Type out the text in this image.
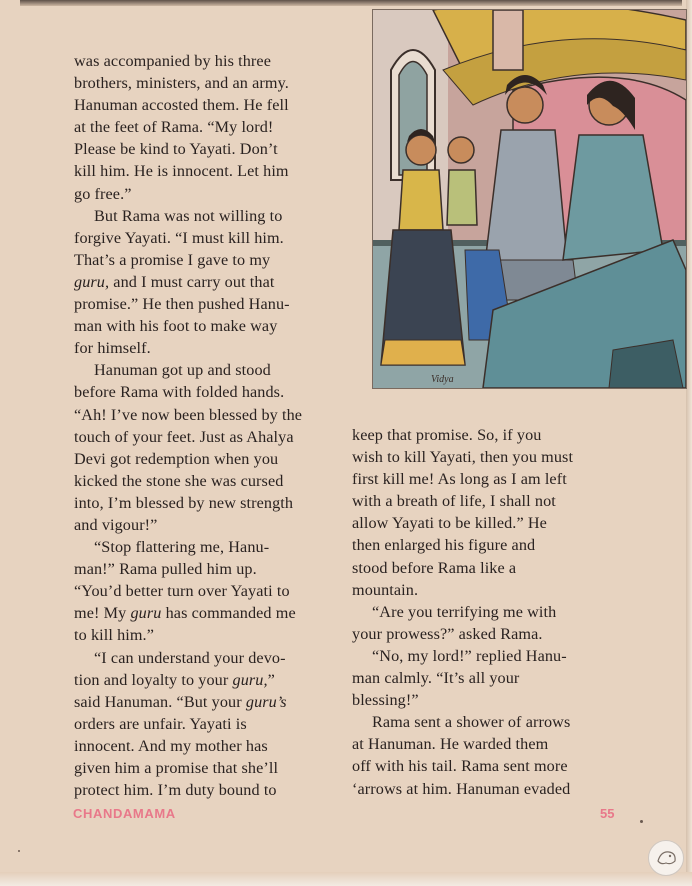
was accompanied by his three
brothers, ministers, and an army.
Hanuman accosted them. He fell
at the feet of Rama. “My lord!
Please be kind to Yayati. Don’t
kill him. He is innocent. Let him
go free.”

But Rama was not willing to
forgive Yayati. “I must kill him.
That’s a promise I gave to my
guru, and I must carry out that
promise.” He then pushed Hanu-
man with his foot to make way
for himself.

Hanuman got up and stood
before Rama with folded hands.
“Ah! I’ve now been blessed by the
touch of your feet. Just as Ahalya
Devi got redemption when you
kicked the stone she was cursed
into, I’m blessed by new strength
and vigour!”

“Stop flattering me, Hanu-
man!” Rama pulled him up.
“You’d better turn over Yayati to
me! My guru has commanded me
to kill him.”

“I can understand your devo-
tion and loyalty to your guru,”
said Hanuman. “But your guru’s
orders are unfair. Yayati is
innocent. And my mother has
given him a promise that she’ll
protect him. I’m duty bound to

Vidya

keep that promise. So, if you
wish to kill Yayati, then you must
first kill me! As long as I am left
with a breath of life, I shall not
allow Yayati to be killed.” He
then enlarged his figure and
stood before Rama like a
mountain.

“Are you terrifying me with
your prowess?” asked Rama.

“No, my lord!” replied Hanu-
man calmly. “It’s all your
blessing!”

Rama sent a shower of arrows
at Hanuman. He warded them
off with his tail. Rama sent more
‘arrows at him. Hanuman evaded

CHANDAMAMA	55
